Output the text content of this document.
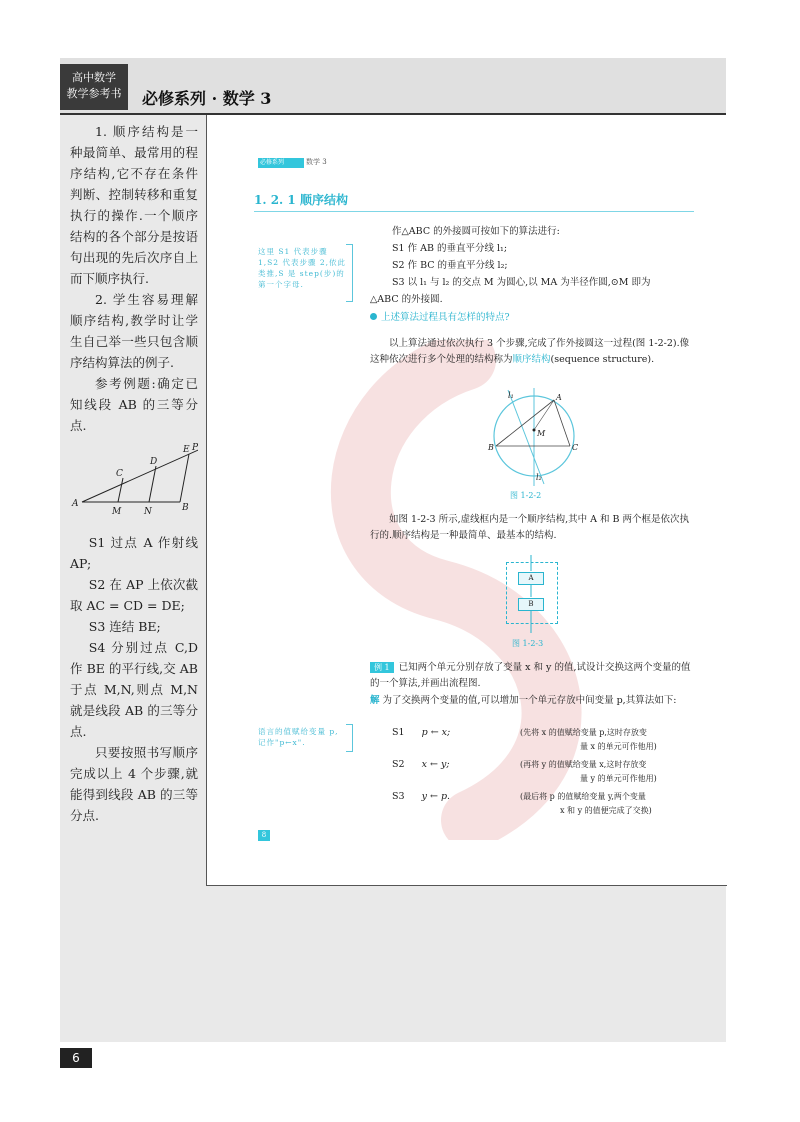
高中数学
教学参考书	必修系列 · 数学 3

1. 顺序结构是一种最简单、最常用的程序结构,它不存在条件判断、控制转移和重复执行的操作.一个顺序结构的各个部分是按语句出现的先后次序自上而下顺序执行.

2. 学生容易理解顺序结构,教学时让学生自己举一些只包含顺序结构算法的例子.

参考例题:确定已知线段 AB 的三等分点.

A
M	N	B
C
D
E P

S1 过点 A 作射线 AP;

S2 在 AP 上依次截取 AC = CD = DE;

S3 连结 BE;

S4 分别过点 C,D 作 BE 的平行线,交 AB 于点 M,N,则点 M,N 就是线段 AB 的三等分点.

只要按照书写顺序完成以上 4 个步骤,就能得到线段 AB 的三等分点.

必修系列	数学 3
1. 2. 1 顺序结构
作△ABC 的外接圆可按如下的算法进行:
S1 作 AB 的垂直平分线 l₁;
S2 作 BC 的垂直平分线 l₂;
S3 以 l₁ 与 l₂ 的交点 M 为圆心,以 MA 为半径作圆,⊙M 即为
△ABC 的外接圆.
这里 S1 代表步骤 1,S2 代表步骤 2,依此类推,S 是 step(步)的第一个字母.
上述算法过程具有怎样的特点?
以上算法通过依次执行 3 个步骤,完成了作外接圆这一过程(图 1-2-2).像这种依次进行多个处理的结构称为顺序结构(sequence structure).
A
B	C
M
l₁
l₂
图 1-2-2
如图 1-2-3 所示,虚线框内是一个顺序结构,其中 A 和 B 两个框是依次执行的.顺序结构是一种最简单、最基本的结构.
A
B
图 1-2-3
例 1 已知两个单元分别存放了变量 x 和 y 的值,试设计交换这两个变量的值的一个算法,并画出流程图.
解 为了交换两个变量的值,可以增加一个单元存放中间变量 p,其算法如下:
语言的值赋给变量 p,记作"p←x".
S1 p ← x;	(先将 x 的值赋给变量 p,这时存放变
量 x 的单元可作他用)
S2 x ← y;	(再将 y 的值赋给变量 x,这时存放变
量 y 的单元可作他用)
S3 y ← p.	(最后将 p 的值赋给变量 y,两个变量
x 和 y 的值便完成了交换)
8
6
